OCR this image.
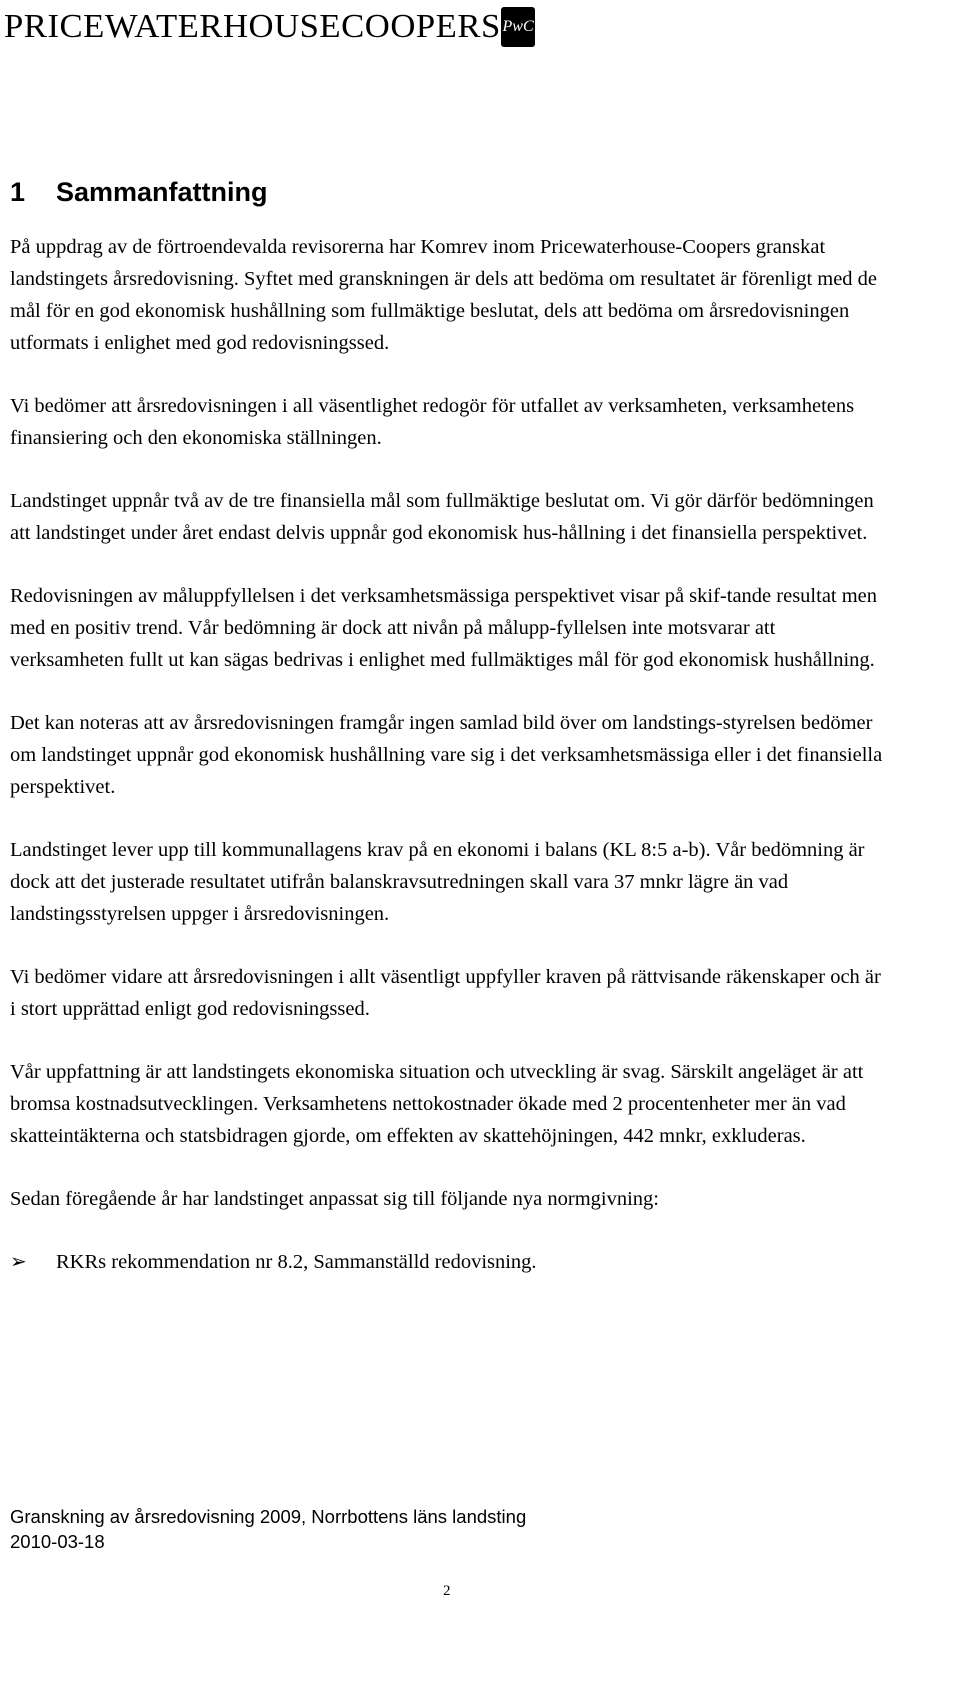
PRICEWATERHOUSECOOPERS PwC
1 Sammanfattning

På uppdrag av de förtroendevalda revisorerna har Komrev inom Pricewaterhouse-Coopers granskat landstingets årsredovisning. Syftet med granskningen är dels att bedöma om resultatet är förenligt med de mål för en god ekonomisk hushållning som fullmäktige beslutat, dels att bedöma om årsredovisningen utformats i enlighet med god redovisningssed.

Vi bedömer att årsredovisningen i all väsentlighet redogör för utfallet av verksamheten, verksamhetens finansiering och den ekonomiska ställningen.

Landstinget uppnår två av de tre finansiella mål som fullmäktige beslutat om. Vi gör därför bedömningen att landstinget under året endast delvis uppnår god ekonomisk hus-hållning i det finansiella perspektivet.

Redovisningen av måluppfyllelsen i det verksamhetsmässiga perspektivet visar på skif-tande resultat men med en positiv trend. Vår bedömning är dock att nivån på målupp-fyllelsen inte motsvarar att verksamheten fullt ut kan sägas bedrivas i enlighet med fullmäktiges mål för god ekonomisk hushållning.

Det kan noteras att av årsredovisningen framgår ingen samlad bild över om landstings-styrelsen bedömer om landstinget uppnår god ekonomisk hushållning vare sig i det verksamhetsmässiga eller i det finansiella perspektivet.

Landstinget lever upp till kommunallagens krav på en ekonomi i balans (KL 8:5 a-b). Vår bedömning är dock att det justerade resultatet utifrån balanskravsutredningen skall vara 37 mnkr lägre än vad landstingsstyrelsen uppger i årsredovisningen.

Vi bedömer vidare att årsredovisningen i allt väsentligt uppfyller kraven på rättvisande räkenskaper och är i stort upprättad enligt god redovisningssed.

Vår uppfattning är att landstingets ekonomiska situation och utveckling är svag. Särskilt angeläget är att bromsa kostnadsutvecklingen. Verksamhetens nettokostnader ökade med 2 procentenheter mer än vad skatteintäkterna och statsbidragen gjorde, om effekten av skattehöjningen, 442 mnkr, exkluderas.

Sedan föregående år har landstinget anpassat sig till följande nya normgivning:

➢	RKRs rekommendation nr 8.2, Sammanställd redovisning.
Granskning av årsredovisning 2009, Norrbottens läns landsting
2010-03-18
2
